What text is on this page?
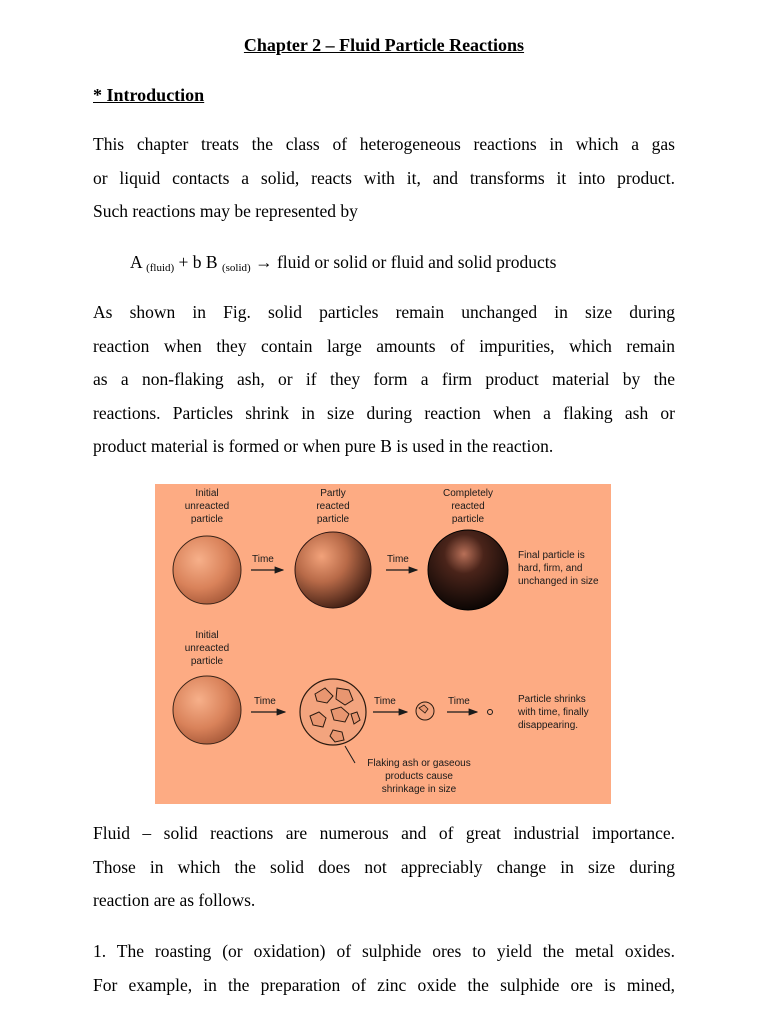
Chapter 2 – Fluid Particle Reactions
* Introduction
This chapter treats the class of heterogeneous reactions in which a gas
or liquid contacts a solid, reacts with it, and transforms it into product.
Such reactions may be represented by
A $_{(fluid)}$ + b B $_{(solid)}$ → fluid or solid or fluid and solid products
As shown in Fig. solid particles remain unchanged in size during
reaction when they contain large amounts of impurities, which remain
as a non-flaking ash, or if they form a firm product material by the
reactions. Particles shrink in size during reaction when a flaking ash or
product material is formed or when pure B is used in the reaction.
Initial
unreacted
particle
Partly
reacted
particle
Completely
reacted
particle
Time	Time	Final particle is
hard, firm, and
unchanged in size
Initial
unreacted
particle
Time	Time	Time	Particle shrinks
with time, finally
disappearing.
Flaking ash or gaseous
products cause
shrinkage in size
Fluid – solid reactions are numerous and of great industrial importance.
Those in which the solid does not appreciably change in size during
reaction are as follows.
1. The roasting (or oxidation) of sulphide ores to yield the metal oxides.
For example, in the preparation of zinc oxide the sulphide ore is mined,
